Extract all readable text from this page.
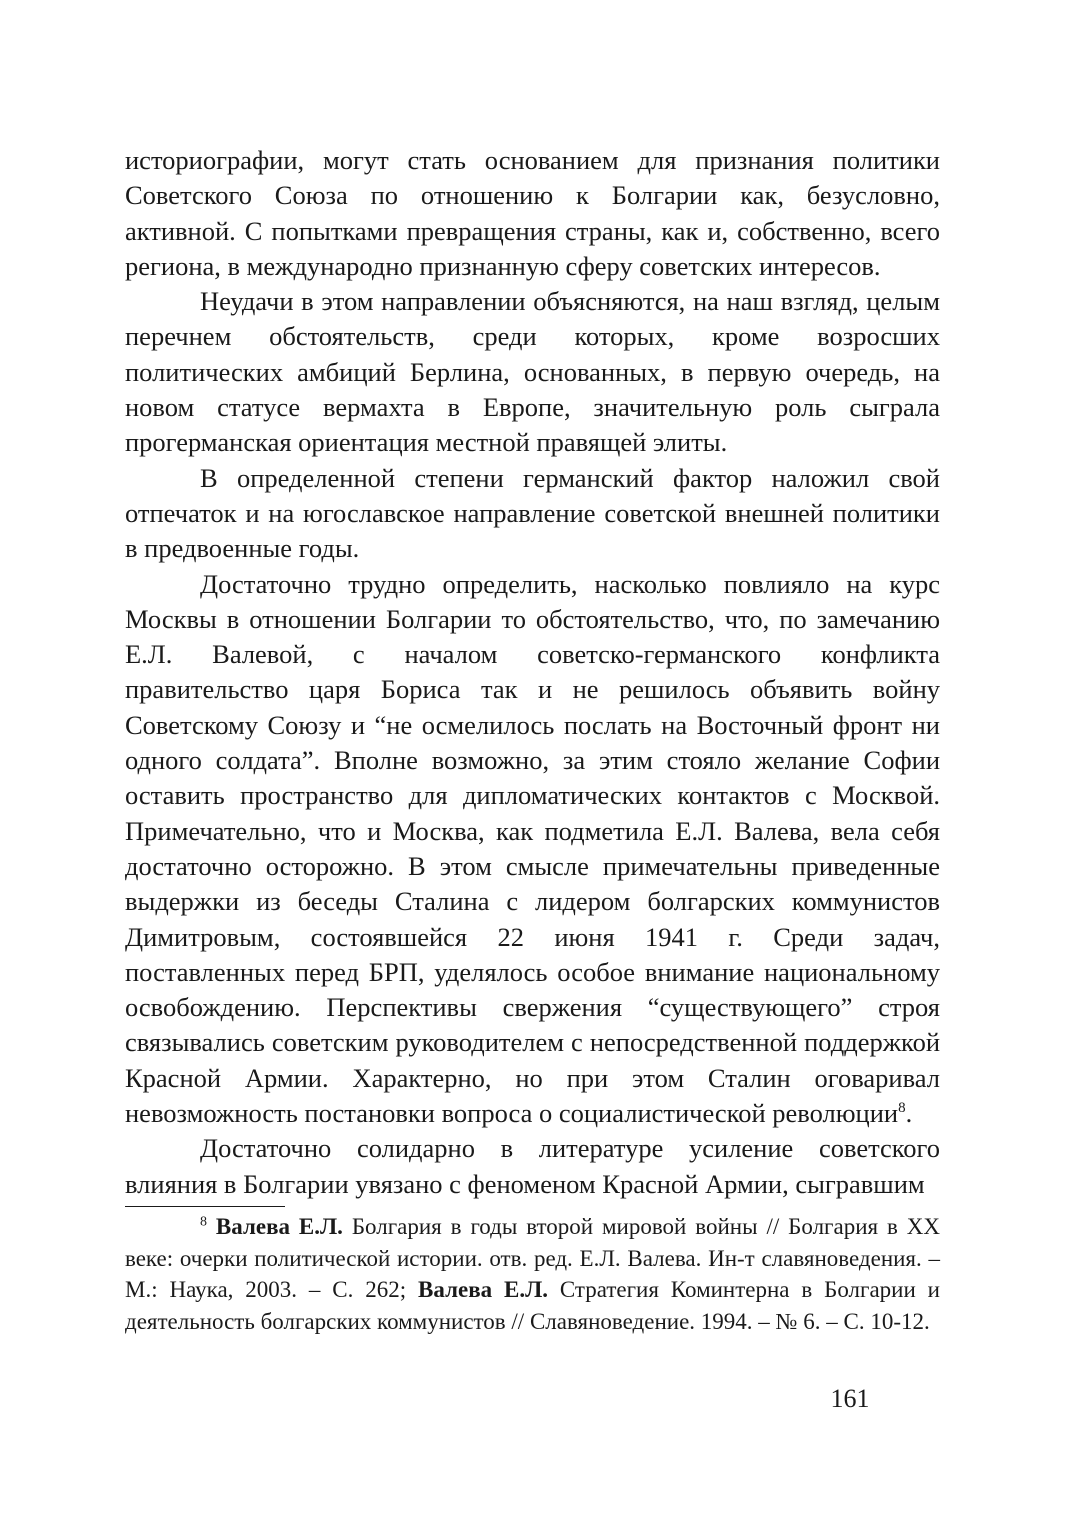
историографии, могут стать основанием для признания политики Советского Союза по отношению к Болгарии как, безусловно, активной. С попытками превращения страны, как и, собственно, всего региона, в международно признанную сферу советских интересов.

Неудачи в этом направлении объясняются, на наш взгляд, целым перечнем обстоятельств, среди которых, кроме возросших политических амбиций Берлина, основанных, в первую очередь, на новом статусе вермахта в Европе, значительную роль сыграла прогерманская ориентация местной правящей элиты.

В определенной степени германский фактор наложил свой отпечаток и на югославское направление советской внешней политики в предвоенные годы.

Достаточно трудно определить, насколько повлияло на курс Москвы в отношении Болгарии то обстоятельство, что, по замечанию Е.Л. Валевой, с началом советско-германского конфликта правительство царя Бориса так и не решилось объявить войну Советскому Союзу и “не осмелилось послать на Восточный фронт ни одного солдата”. Вполне возможно, за этим стояло желание Софии оставить пространство для дипломатических контактов с Москвой. Примечательно, что и Москва, как подметила Е.Л. Валева, вела себя достаточно осторожно. В этом смысле примечательны приведенные выдержки из беседы Сталина с лидером болгарских коммунистов Димитровым, состоявшейся 22 июня 1941 г. Среди задач, поставленных перед БРП, уделялось особое внимание национальному освобождению. Перспективы свержения “существующего” строя связывались советским руководителем с непосредственной поддержкой Красной Армии. Характерно, но при этом Сталин оговаривал невозможность постановки вопроса о социалистической революции$^8$.

Достаточно солидарно в литературе усиление советского влияния в Болгарии увязано с феноменом Красной Армии, сыгравшим

$^8$ Валева Е.Л. Болгария в годы второй мировой войны // Болгария в ХХ веке: очерки политической истории. отв. ред. Е.Л. Валева. Ин-т славяноведения. – М.: Наука, 2003. – С. 262; Валева Е.Л. Стратегия Коминтерна в Болгарии и деятельность болгарских коммунистов // Славяноведение. 1994. – № 6. – С. 10-12.

161
